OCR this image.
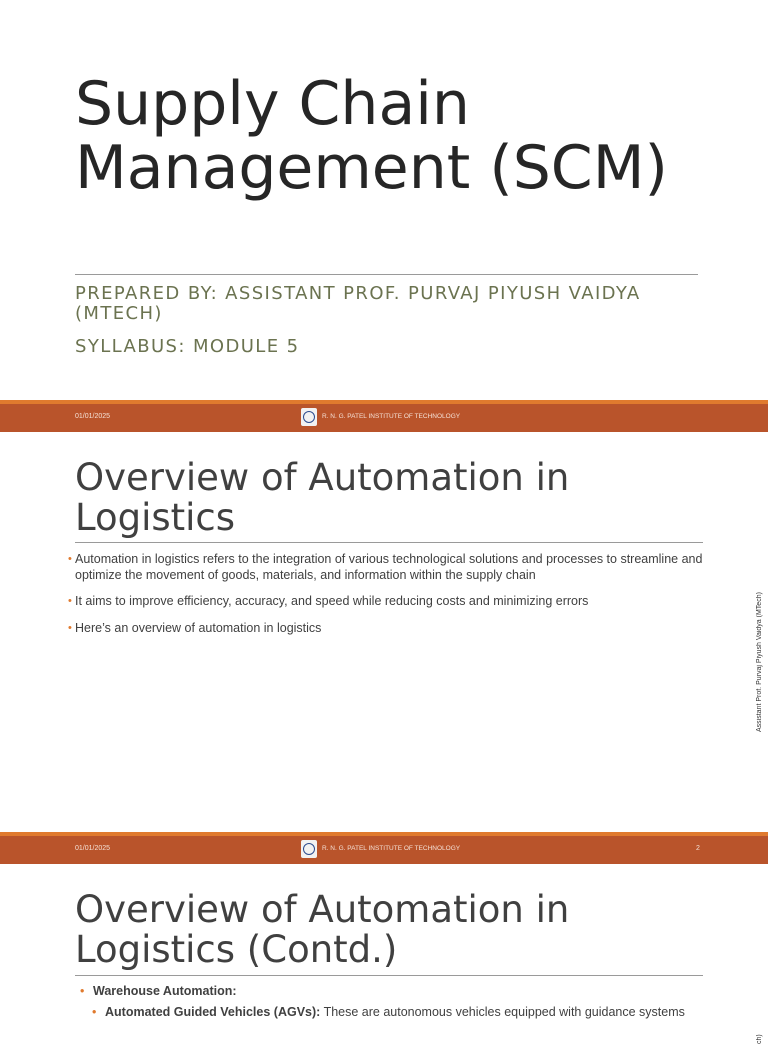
Supply Chain Management (SCM)

PREPARED BY: ASSISTANT PROF. PURVAJ PIYUSH VAIDYA (MTECH)

SYLLABUS: MODULE 5

01/01/2025	R. N. G. PATEL INSTITUTE OF TECHNOLOGY
Overview of Automation in Logistics
• Automation in logistics refers to the integration of various technological solutions and processes to streamline and optimize the movement of goods, materials, and information within the supply chain
• It aims to improve efficiency, accuracy, and speed while reducing costs and minimizing errors
• Here’s an overview of automation in logistics	Assistant Prof. Purvaj Piyush Vaidya (MTech)
01/01/2025	R. N. G. PATEL INSTITUTE OF TECHNOLOGY	2
Overview of Automation in Logistics (Contd.)
• Warehouse Automation:
• Automated Guided Vehicles (AGVs): These are autonomous vehicles equipped with guidance systems
ch)
